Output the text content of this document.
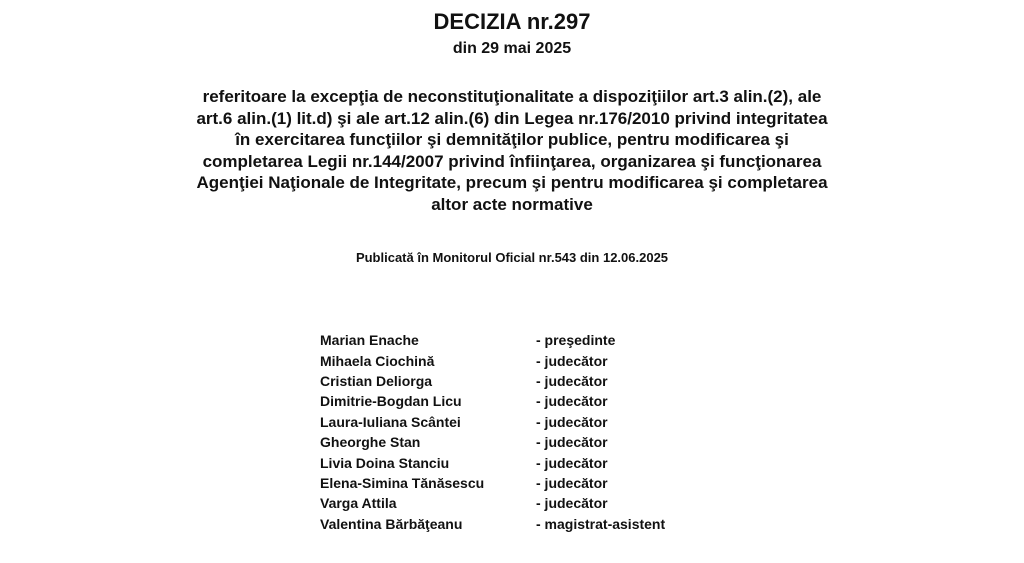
DECIZIA nr.297
din 29 mai 2025
referitoare la excepţia de neconstituţionalitate a dispoziţiilor art.3 alin.(2), ale
art.6 alin.(1) lit.d) şi ale art.12 alin.(6) din Legea nr.176/2010 privind integritatea
în exercitarea funcţiilor şi demnităţilor publice, pentru modificarea şi
completarea Legii nr.144/2007 privind înfiinţarea, organizarea şi funcţionarea
Agenţiei Naţionale de Integritate, precum şi pentru modificarea şi completarea
altor acte normative
Publicată în Monitorul Oficial nr.543 din 12.06.2025
Marian Enache	- preşedinte
Mihaela Ciochină	- judecător
Cristian Deliorga	- judecător
Dimitrie-Bogdan Licu	- judecător
Laura-Iuliana Scântei	- judecător
Gheorghe Stan	- judecător
Livia Doina Stanciu	- judecător
Elena-Simina Tănăsescu	- judecător
Varga Attila	- judecător
Valentina Bărbăţeanu	- magistrat-asistent
